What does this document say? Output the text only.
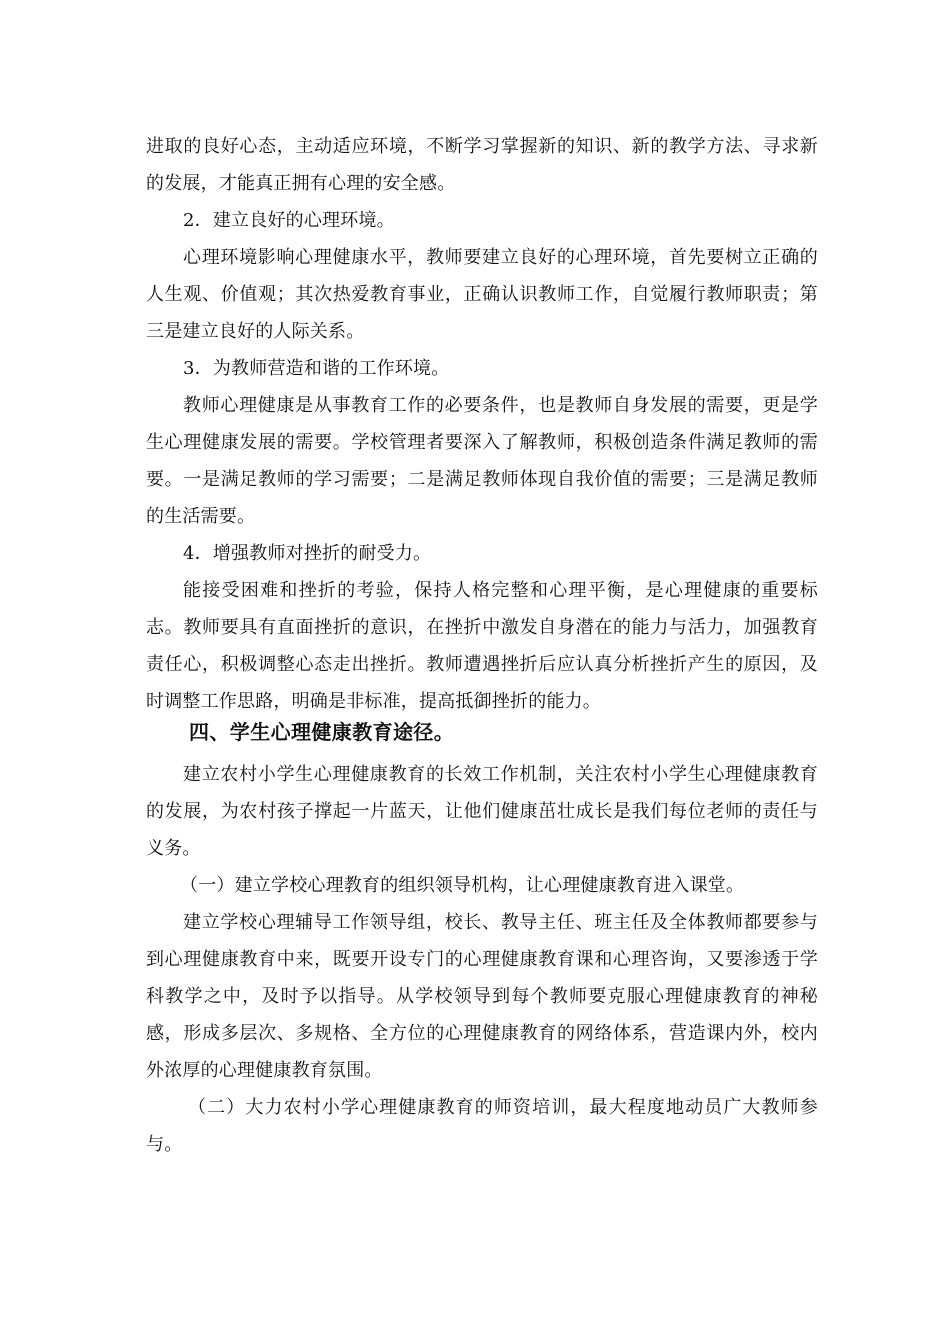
进取的良好心态，主动适应环境，不断学习掌握新的知识、新的教学方法、寻求新的发展，才能真正拥有心理的安全感。

2．建立良好的心理环境。

心理环境影响心理健康水平，教师要建立良好的心理环境，首先要树立正确的人生观、价值观；其次热爱教育事业，正确认识教师工作，自觉履行教师职责；第三是建立良好的人际关系。

3．为教师营造和谐的工作环境。

教师心理健康是从事教育工作的必要条件，也是教师自身发展的需要，更是学生心理健康发展的需要。学校管理者要深入了解教师，积极创造条件满足教师的需要。一是满足教师的学习需要；二是满足教师体现自我价值的需要；三是满足教师的生活需要。

4．增强教师对挫折的耐受力。

能接受困难和挫折的考验，保持人格完整和心理平衡，是心理健康的重要标志。教师要具有直面挫折的意识，在挫折中激发自身潜在的能力与活力，加强教育责任心，积极调整心态走出挫折。教师遭遇挫折后应认真分析挫折产生的原因，及时调整工作思路，明确是非标准，提高抵御挫折的能力。

四、学生心理健康教育途径。

建立农村小学生心理健康教育的长效工作机制，关注农村小学生心理健康教育的发展，为农村孩子撑起一片蓝天，让他们健康茁壮成长是我们每位老师的责任与义务。

（一）建立学校心理教育的组织领导机构，让心理健康教育进入课堂。

建立学校心理辅导工作领导组，校长、教导主任、班主任及全体教师都要参与到心理健康教育中来，既要开设专门的心理健康教育课和心理咨询，又要渗透于学科教学之中，及时予以指导。从学校领导到每个教师要克服心理健康教育的神秘感，形成多层次、多规格、全方位的心理健康教育的网络体系，营造课内外，校内外浓厚的心理健康教育氛围。

（二）大力农村小学心理健康教育的师资培训，最大程度地动员广大教师参与。
